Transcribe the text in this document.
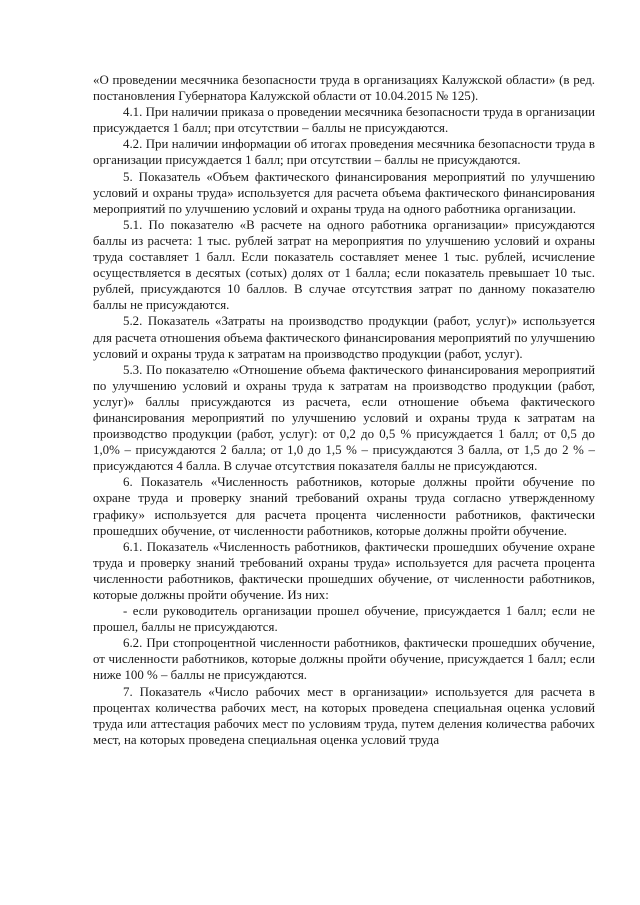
«О проведении месячника безопасности труда в организациях Калужской области» (в ред. постановления Губернатора Калужской области от 10.04.2015 № 125).

4.1. При наличии приказа о проведении месячника безопасности труда в организации присуждается 1 балл; при отсутствии – баллы не присуждаются.

4.2. При наличии информации об итогах проведения месячника безопасности труда в организации присуждается 1 балл; при отсутствии – баллы не присуждаются.

5. Показатель «Объем фактического финансирования мероприятий по улучшению условий и охраны труда» используется для расчета объема фактического финансирования мероприятий по улучшению условий и охраны труда на одного работника организации.

5.1. По показателю «В расчете на одного работника организации» присуждаются баллы из расчета: 1 тыс. рублей затрат на мероприятия по улучшению условий и охраны труда составляет 1 балл. Если показатель составляет менее 1 тыс. рублей, исчисление осуществляется в десятых (сотых) долях от 1 балла; если показатель превышает 10 тыс. рублей, присуждаются 10 баллов. В случае отсутствия затрат по данному показателю баллы не присуждаются.

5.2. Показатель «Затраты на производство продукции (работ, услуг)» используется для расчета отношения объема фактического финансирования мероприятий по улучшению условий и охраны труда к затратам на производство продукции (работ, услуг).

5.3. По показателю «Отношение объема фактического финансирования мероприятий по улучшению условий и охраны труда к затратам на производство продукции (работ, услуг)» баллы присуждаются из расчета, если отношение объема фактического финансирования мероприятий по улучшению условий и охраны труда к затратам на производство продукции (работ, услуг): от 0,2 до 0,5 % присуждается 1 балл; от 0,5 до 1,0% – присуждаются 2 балла; от 1,0 до 1,5 % – присуждаются 3 балла, от 1,5 до 2 % – присуждаются 4 балла. В случае отсутствия показателя баллы не присуждаются.

6. Показатель «Численность работников, которые должны пройти обучение по охране труда и проверку знаний требований охраны труда согласно утвержденному графику» используется для расчета процента численности работников, фактически прошедших обучение, от численности работников, которые должны пройти обучение.

6.1. Показатель «Численность работников, фактически прошедших обучение охране труда и проверку знаний требований охраны труда» используется для расчета процента численности работников, фактически прошедших обучение, от численности работников, которые должны пройти обучение. Из них:

- если руководитель организации прошел обучение, присуждается 1 балл; если не прошел, баллы не присуждаются.

6.2. При стопроцентной численности работников, фактически прошедших обучение, от численности работников, которые должны пройти обучение, присуждается 1 балл; если ниже 100 % – баллы не присуждаются.

7. Показатель «Число рабочих мест в организации» используется для расчета в процентах количества рабочих мест, на которых проведена специальная оценка условий труда или аттестация рабочих мест по условиям труда, путем деления количества рабочих мест, на которых проведена специальная оценка условий труда
